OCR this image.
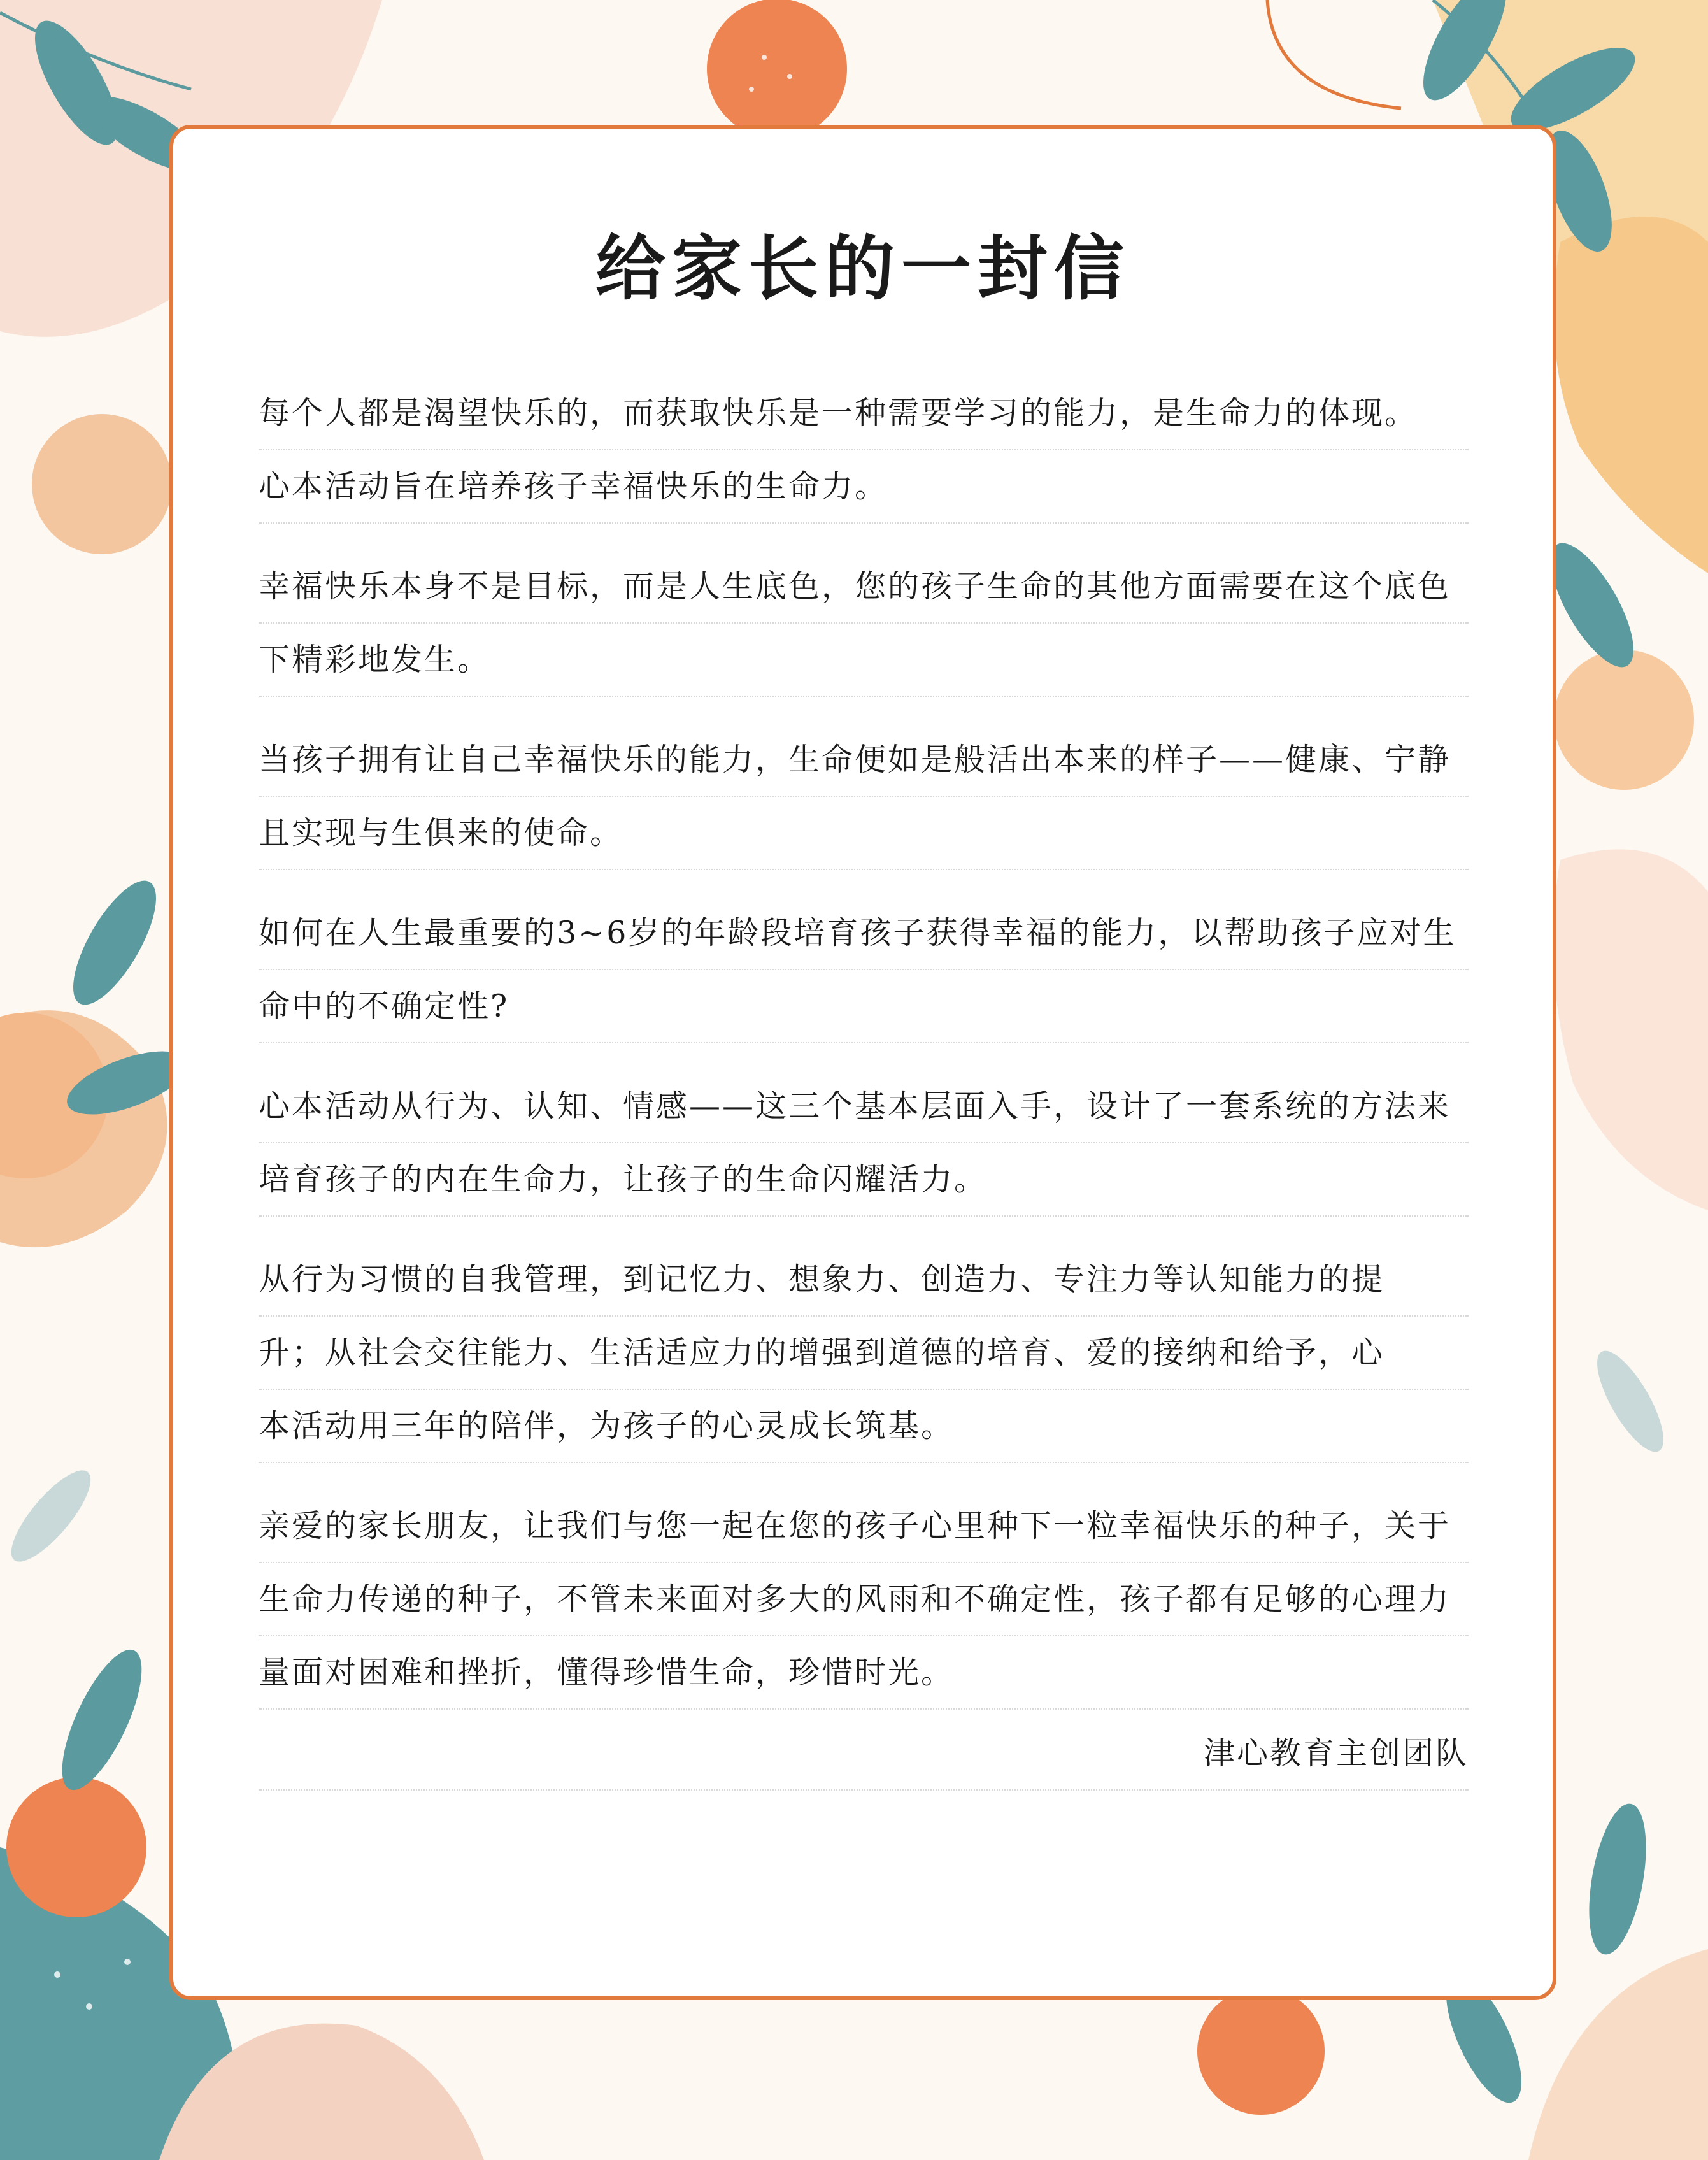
给家长的一封信
每个人都是渴望快乐的，而获取快乐是一种需要学习的能力，是生命力的体现。
心本活动旨在培养孩子幸福快乐的生命力。
幸福快乐本身不是目标，而是人生底色，您的孩子生命的其他方面需要在这个底色
下精彩地发生。
当孩子拥有让自己幸福快乐的能力，生命便如是般活出本来的样子——健康、宁静
且实现与生俱来的使命。
如何在人生最重要的3~6岁的年龄段培育孩子获得幸福的能力，以帮助孩子应对生
命中的不确定性?
心本活动从行为、认知、情感——这三个基本层面入手，设计了一套系统的方法来
培育孩子的内在生命力，让孩子的生命闪耀活力。
从行为习惯的自我管理，到记忆力、想象力、创造力、专注力等认知能力的提
升；从社会交往能力、生活适应力的增强到道德的培育、爱的接纳和给予，心
本活动用三年的陪伴，为孩子的心灵成长筑基。
亲爱的家长朋友，让我们与您一起在您的孩子心里种下一粒幸福快乐的种子，关于
生命力传递的种子，不管未来面对多大的风雨和不确定性，孩子都有足够的心理力
量面对困难和挫折，懂得珍惜生命，珍惜时光。
津心教育主创团队
